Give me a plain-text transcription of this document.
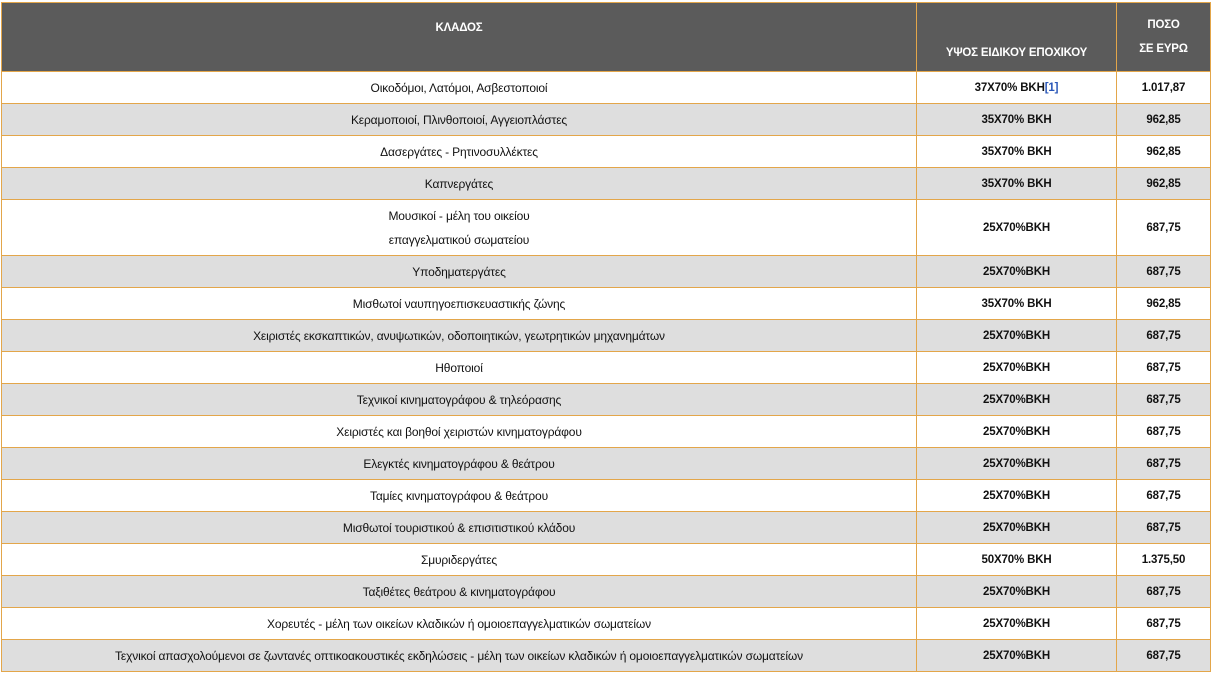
ΚΛΑΔΟΣ	ΥΨΟΣ ΕΙΔΙΚΟΥ ΕΠΟΧΙΚΟΥ	ΠΟΣΟ
ΣΕ ΕΥΡΩ

Οικοδόμοι, Λατόμοι, Ασβεστοποιοί	37Χ70% ΒΚΗ[1]	1.017,87

Κεραμοποιοί, Πλινθοποιοί, Αγγειοπλάστες	35Χ70% ΒΚΗ	962,85

Δασεργάτες - Ρητινοσυλλέκτες	35Χ70% ΒΚΗ	962,85

Καπνεργάτες	35Χ70% ΒΚΗ	962,85

Μουσικοί - μέλη του οικείου
επαγγελματικού σωματείου	25Χ70%ΒΚΗ	687,75

Υποδηματεργάτες	25Χ70%ΒΚΗ	687,75

Μισθωτοί ναυπηγοεπισκευαστικής ζώνης	35Χ70% ΒΚΗ	962,85

Χειριστές εκσκαπτικών, ανυψωτικών, οδοποιητικών, γεωτρητικών μηχανημάτων	25Χ70%ΒΚΗ	687,75

Ηθοποιοί	25Χ70%ΒΚΗ	687,75

Τεχνικοί κινηματογράφου & τηλεόρασης	25Χ70%ΒΚΗ	687,75

Χειριστές και βοηθοί χειριστών κινηματογράφου	25Χ70%ΒΚΗ	687,75

Ελεγκτές κινηματογράφου & θεάτρου	25Χ70%ΒΚΗ	687,75

Ταμίες κινηματογράφου & θεάτρου	25Χ70%ΒΚΗ	687,75

Μισθωτοί τουριστικού & επισιτιστικού κλάδου	25Χ70%ΒΚΗ	687,75

Σμυριδεργάτες	50Χ70% ΒΚΗ	1.375,50

Ταξιθέτες θεάτρου & κινηματογράφου	25Χ70%ΒΚΗ	687,75

Χορευτές - μέλη των οικείων κλαδικών ή ομοιοεπαγγελματικών σωματείων	25Χ70%ΒΚΗ	687,75

Τεχνικοί απασχολούμενοι σε ζωντανές οπτικοακουστικές εκδηλώσεις - μέλη των οικείων κλαδικών ή ομοιοεπαγγελματικών σωματείων	25Χ70%ΒΚΗ	687,75
